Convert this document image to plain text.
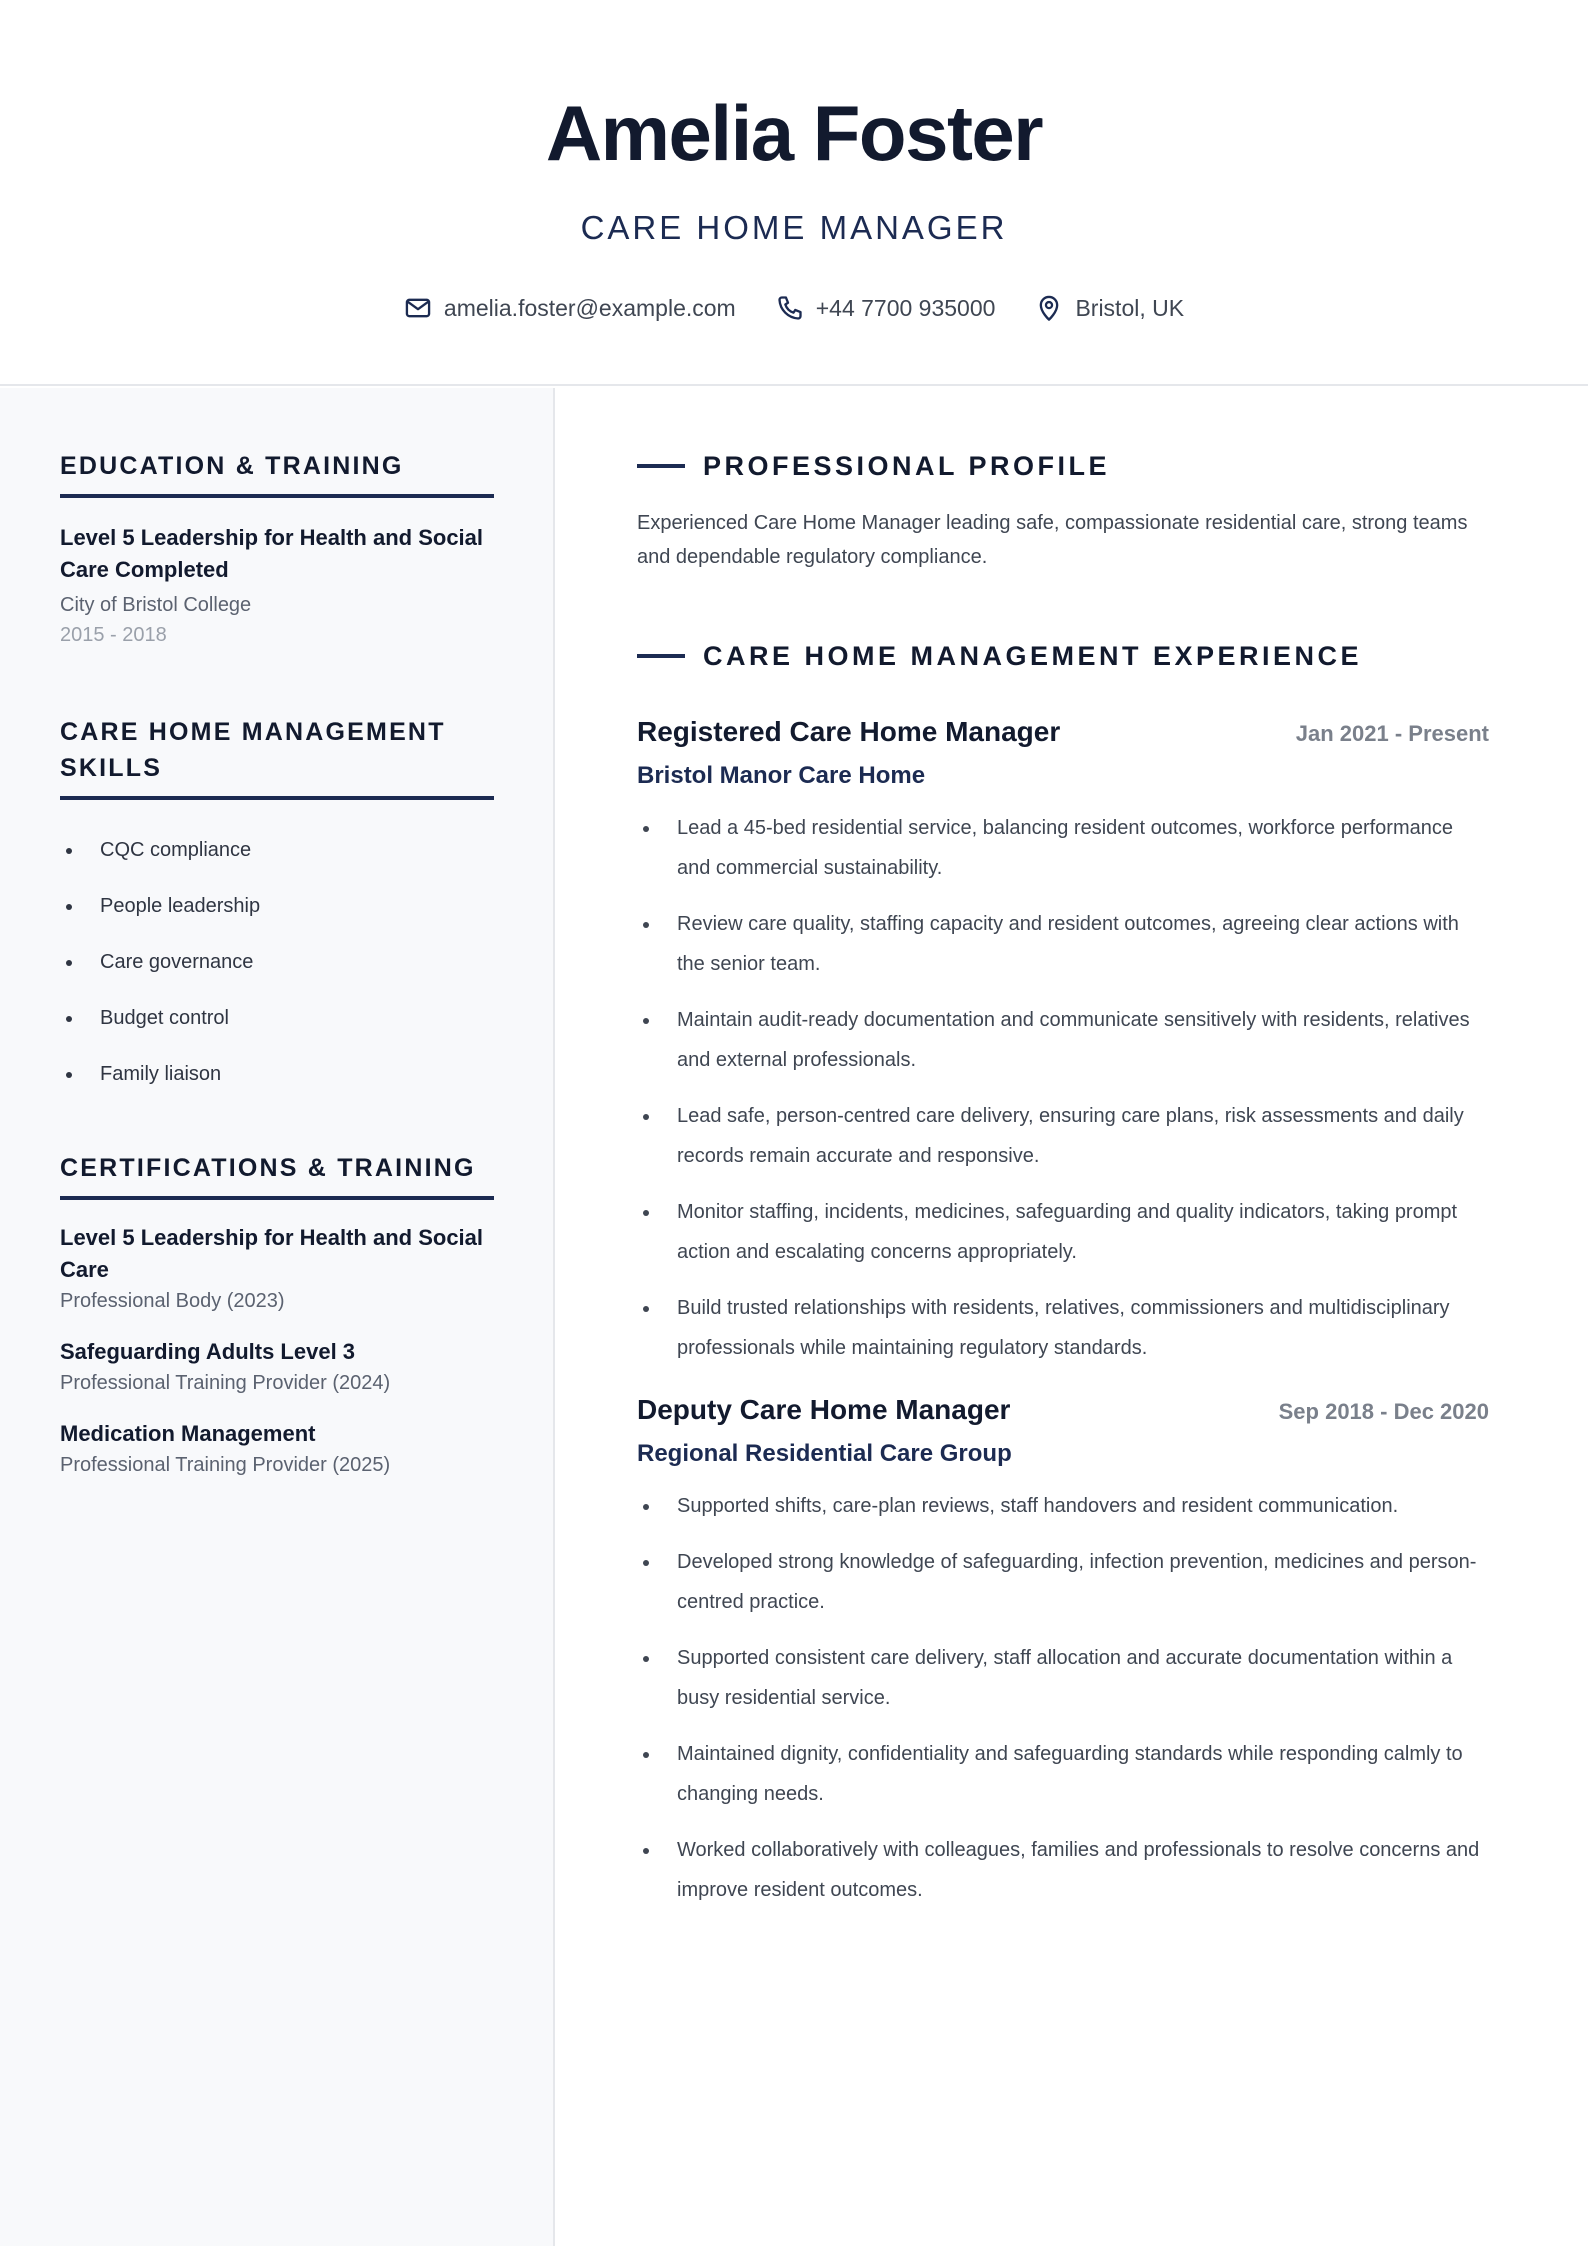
Amelia Foster
CARE HOME MANAGER
amelia.foster@example.com	+44 7700 935000	Bristol, UK
EDUCATION & TRAINING
Level 5 Leadership for Health and Social Care Completed
City of Bristol College
2015 - 2018
CARE HOME MANAGEMENT SKILLS
CQC compliance
People leadership
Care governance
Budget control
Family liaison
CERTIFICATIONS & TRAINING
Level 5 Leadership for Health and Social Care
Professional Body (2023)
Safeguarding Adults Level 3
Professional Training Provider (2024)
Medication Management
Professional Training Provider (2025)
PROFESSIONAL PROFILE
Experienced Care Home Manager leading safe, compassionate residential care, strong teams and dependable regulatory compliance.
CARE HOME MANAGEMENT EXPERIENCE
Registered Care Home Manager	Jan 2021 - Present
Bristol Manor Care Home
Lead a 45-bed residential service, balancing resident outcomes, workforce performance and commercial sustainability.
Review care quality, staffing capacity and resident outcomes, agreeing clear actions with the senior team.
Maintain audit-ready documentation and communicate sensitively with residents, relatives and external professionals.
Lead safe, person-centred care delivery, ensuring care plans, risk assessments and daily records remain accurate and responsive.
Monitor staffing, incidents, medicines, safeguarding and quality indicators, taking prompt action and escalating concerns appropriately.
Build trusted relationships with residents, relatives, commissioners and multidisciplinary professionals while maintaining regulatory standards.
Deputy Care Home Manager	Sep 2018 - Dec 2020
Regional Residential Care Group
Supported shifts, care-plan reviews, staff handovers and resident communication.
Developed strong knowledge of safeguarding, infection prevention, medicines and person-centred practice.
Supported consistent care delivery, staff allocation and accurate documentation within a busy residential service.
Maintained dignity, confidentiality and safeguarding standards while responding calmly to changing needs.
Worked collaboratively with colleagues, families and professionals to resolve concerns and improve resident outcomes.
